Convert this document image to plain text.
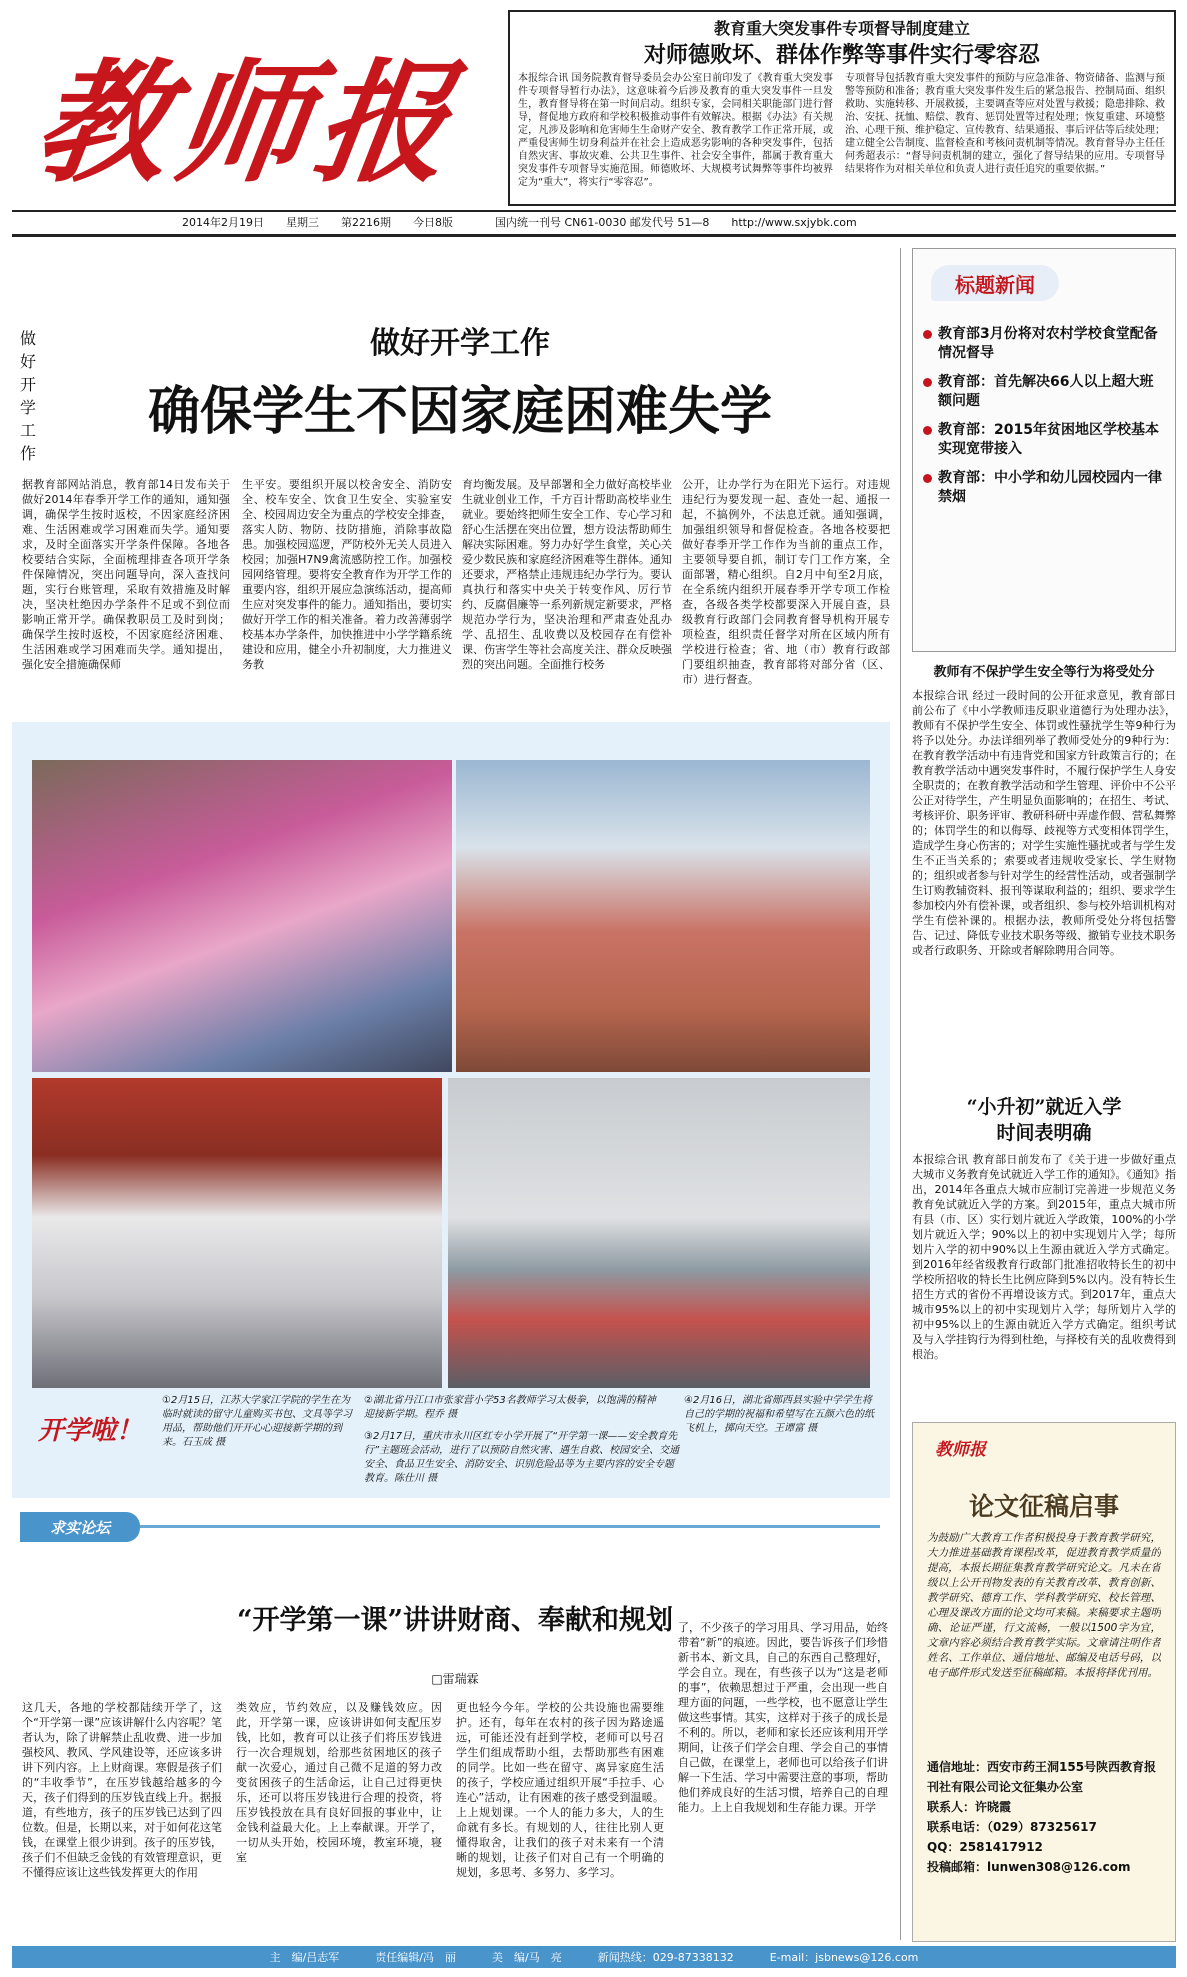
教师报
教育重大突发事件专项督导制度建立
对师德败坏、群体作弊等事件实行零容忍
本报综合讯 国务院教育督导委员会办公室日前印发了《教育重大突发事件专项督导暂行办法》，这意味着今后涉及教育的重大突发事件一旦发生，教育督导将在第一时间启动。组织专家，会同相关职能部门进行督导，督促地方政府和学校积极推动事件有效解决。根据《办法》有关规定，凡涉及影响和危害师生生命财产安全、教育教学工作正常开展，或严重侵害师生切身利益并在社会上造成恶劣影响的各种突发事件，包括自然灾害、事故灾难、公共卫生事件、社会安全事件，都属于教育重大突发事件专项督导实施范围。师德败坏、大规模考试舞弊等事件均被界定为“重大”，将实行“零容忍”。
专项督导包括教育重大突发事件的预防与应急准备、物资储备、监测与预警等预防和准备；教育重大突发事件发生后的紧急报告、控制局面、组织救助、实施转移、开展救援，主要调查等应对处置与救援；隐患排除、救治、安抚、抚恤、赔偿、教育、惩罚处置等过程处理；恢复重建、环境整治、心理干预、维护稳定、宣传教育、结果通报、事后评估等后续处理；建立健全公告制度、监督检查和考核问责机制等情况。教育督导办主任任何秀超表示：“督导问责机制的建立，强化了督导结果的应用。专项督导结果将作为对相关单位和负责人进行责任追究的重要依据。”
2014年2月19日 星期三 第2216期 今日8版	国内统一刊号 CN61-0030 邮发代号 51—8 http://www.sxjybk.com
做好开学工作
做好开学工作
确保学生不因家庭困难失学
据教育部网站消息，教育部14日发布关于做好2014年春季开学工作的通知，通知强调，确保学生按时返校，不因家庭经济困难、生活困难或学习困难而失学。通知要求，及时全面落实开学条件保障。各地各校要结合实际，全面梳理排查各项开学条件保障情况，突出问题导向，深入查找问题，实行台账管理，采取有效措施及时解决，坚决杜绝因办学条件不足或不到位而影响正常开学。确保教职员工及时到岗；确保学生按时返校，不因家庭经济困难、生活困难或学习困难而失学。通知提出，强化安全措施确保师
生平安。要组织开展以校舍安全、消防安全、校车安全、饮食卫生安全、实验室安全、校园周边安全为重点的学校安全排查，落实人防、物防、技防措施，消除事故隐患。加强校园巡逻，严防校外无关人员进入校园；加强H7N9禽流感防控工作。加强校园网络管理。要将安全教育作为开学工作的重要内容，组织开展应急演练活动，提高师生应对突发事件的能力。通知指出，要切实做好开学工作的相关准备。着力改善薄弱学校基本办学条件，加快推进中小学学籍系统建设和应用，健全小升初制度，大力推进义务教
育均衡发展。及早部署和全力做好高校毕业生就业创业工作，千方百计帮助高校毕业生就业。要始终把师生安全工作、专心学习和舒心生活摆在突出位置，想方设法帮助师生解决实际困难。努力办好学生食堂，关心关爱少数民族和家庭经济困难等生群体。通知还要求，严格禁止违规违纪办学行为。要认真执行和落实中央关于转变作风、厉行节约、反腐倡廉等一系列新规定新要求，严格规范办学行为，坚决治理和严肃查处乱办学、乱招生、乱收费以及校园存在有偿补课、伤害学生等社会高度关注、群众反映强烈的突出问题。全面推行校务
公开，让办学行为在阳光下运行。对违规违纪行为要发现一起、查处一起、通报一起，不搞例外，不法息迁就。通知强调，加强组织领导和督促检查。各地各校要把做好春季开学工作作为当前的重点工作，主要领导要自抓，制订专门工作方案，全面部署，精心组织。自2月中旬至2月底，在全系统内组织开展春季开学专项工作检查，各级各类学校都要深入开展自查，县级教育行政部门会同教育督导机构开展专项检查，组织责任督学对所在区域内所有学校进行检查；省、地（市）教育行政部门要组织抽查，教育部将对部分省（区、市）进行督查。
开学啦！
①2月15日，江苏大学家江学院的学生在为临时就读的留守儿童购买书包、文具等学习用品，帮助他们开开心心迎接新学期的到来。石玉成 摄
②湖北省丹江口市张家营小学53名教师学习太极拳，以饱满的精神迎接新学期。程乔 摄
③2月17日，重庆市永川区红专小学开展了“开学第一课——安全教育先行”主题班会活动，进行了以预防自然灾害、遇生自救、校园安全、交通安全、食品卫生安全、消防安全、识别危险品等为主要内容的安全专题教育。陈仕川 摄
④2月16日，湖北省郧西县实验中学学生将自己的学期的祝福和希望写在五颜六色的纸飞机上，掷向天空。王谭富 摄
求实论坛
“开学第一课”讲讲财商、奉献和规划
□雷瑞霖
这几天，各地的学校都陆续开学了，这个“开学第一课”应该讲解什么内容呢？笔者认为，除了讲解禁止乱收费、进一步加强校风、教风、学风建设等，还应该多讲讲下列内容。上上财商课。寒假是孩子们的“丰收季节”，在压岁钱越给越多的今天，孩子们得到的压岁钱直线上升。据报道，有些地方，孩子的压岁钱已达到了四位数。但是，长期以来，对于如何花这笔钱，在课堂上很少讲到。孩子的压岁钱，孩子们不但缺乏金钱的有效管理意识，更不懂得应该让这些钱发挥更大的作用
类效应，节约效应，以及赚钱效应。因此，开学第一课，应该讲讲如何支配压岁钱，比如，教育可以让孩子们将压岁钱进行一次合理规划，给那些贫困地区的孩子献一次爱心，通过自己微不足道的努力改变贫困孩子的生活命运，让自己过得更快乐，还可以将压岁钱进行合理的投资，将压岁钱投放在具有良好回报的事业中，让金钱利益最大化。上上奉献课。开学了，一切从头开始，校园环境，教室环境，寝室
更也轻今今年。学校的公共设施也需要维护。还有，每年在农村的孩子因为路途遥远，可能还没有赶到学校，老师可以号召学生们组成帮助小组，去帮助那些有困难的同学。比如一些在留守、离异家庭生活的孩子，学校应通过组织开展“手拉手、心连心”活动，让有困难的孩子感受到温暖。上上规划课。一个人的能力多大，人的生命就有多长。有规划的人，往往比别人更懂得取舍，让我们的孩子对未来有一个清晰的规划，让孩子们对自己有一个明确的规划，多思考、多努力、多学习。
了，不少孩子的学习用具、学习用品，始终带着“新”的痕迹。因此，要告诉孩子们珍惜新书本、新文具，自己的东西自己整理好，学会自立。现在，有些孩子以为“这是老师的事”，依赖思想过于严重，会出现一些自理方面的问题，一些学校，也不愿意让学生做这些事情。其实，这样对于孩子的成长是不利的。所以，老师和家长还应该利用开学期间，让孩子们学会自理、学会自己的事情自己做，在课堂上，老师也可以给孩子们讲解一下生活、学习中需要注意的事项，帮助他们养成良好的生活习惯，培养自己的自理能力。上上自我规划和生存能力课。开学
标题新闻
教育部3月份将对农村学校食堂配备情况督导
教育部：首先解决66人以上超大班额问题
教育部：2015年贫困地区学校基本实现宽带接入
教育部：中小学和幼儿园校园内一律禁烟
教师有不保护学生安全等行为将受处分
本报综合讯 经过一段时间的公开征求意见，教育部日前公布了《中小学教师违反职业道德行为处理办法》，教师有不保护学生安全、体罚或性骚扰学生等9种行为将予以处分。办法详细列举了教师受处分的9种行为：在教育教学活动中有违背党和国家方针政策言行的；在教育教学活动中遇突发事件时，不履行保护学生人身安全职责的；在教育教学活动和学生管理、评价中不公平公正对待学生，产生明显负面影响的；在招生、考试、考核评价、职务评审、教研科研中弄虚作假、营私舞弊的；体罚学生的和以侮辱、歧视等方式变相体罚学生，造成学生身心伤害的；对学生实施性骚扰或者与学生发生不正当关系的；索要或者违规收受家长、学生财物的；组织或者参与针对学生的经营性活动，或者强制学生订购教辅资料、报刊等谋取利益的；组织、要求学生参加校内外有偿补课，或者组织、参与校外培训机构对学生有偿补课的。根据办法，教师所受处分将包括警告、记过、降低专业技术职务等级、撤销专业技术职务或者行政职务、开除或者解除聘用合同等。
“小升初”就近入学
时间表明确
本报综合讯 教育部日前发布了《关于进一步做好重点大城市义务教育免试就近入学工作的通知》。《通知》指出，2014年各重点大城市应制订完善进一步规范义务教育免试就近入学的方案。到2015年，重点大城市所有县（市、区）实行划片就近入学政策，100%的小学划片就近入学；90%以上的初中实现划片入学；每所划片入学的初中90%以上生源由就近入学方式确定。到2016年经省级教育行政部门批准招收特长生的初中学校所招收的特长生比例应降到5%以内。没有特长生招生方式的省份不再增设该方式。到2017年，重点大城市95%以上的初中实现划片入学；每所划片入学的初中95%以上的生源由就近入学方式确定。组织考试及与入学挂钩行为得到杜绝，与择校有关的乱收费得到根治。
教师报
论文征稿启事
为鼓励广大教育工作者积极投身于教育教学研究，大力推进基础教育课程改革，促进教育教学质量的提高，本报长期征集教育教学研究论文。凡未在省级以上公开刊物发表的有关教育改革、教育创新、教学研究、德育工作、学科教学研究、校长管理、心理及课改方面的论文均可来稿。来稿要求主题明确、论证严谨，行文流畅，一般以1500字为宜，文章内容必须结合教育教学实际。文章请注明作者姓名、工作单位、通信地址、邮编及电话号码，以电子邮件形式发送至征稿邮箱。本报将择优刊用。
通信地址：西安市药王洞155号陕西教育报刊社有限公司论文征集办公室
联系人：许晓霞
联系电话：（029）87325617
QQ：2581417912
投稿邮箱：lunwen308@126.com
主　编/吕志军	责任编辑/冯　丽	美　编/马　亮	新闻热线：029-87338132	E-mail：jsbnews@126.com
